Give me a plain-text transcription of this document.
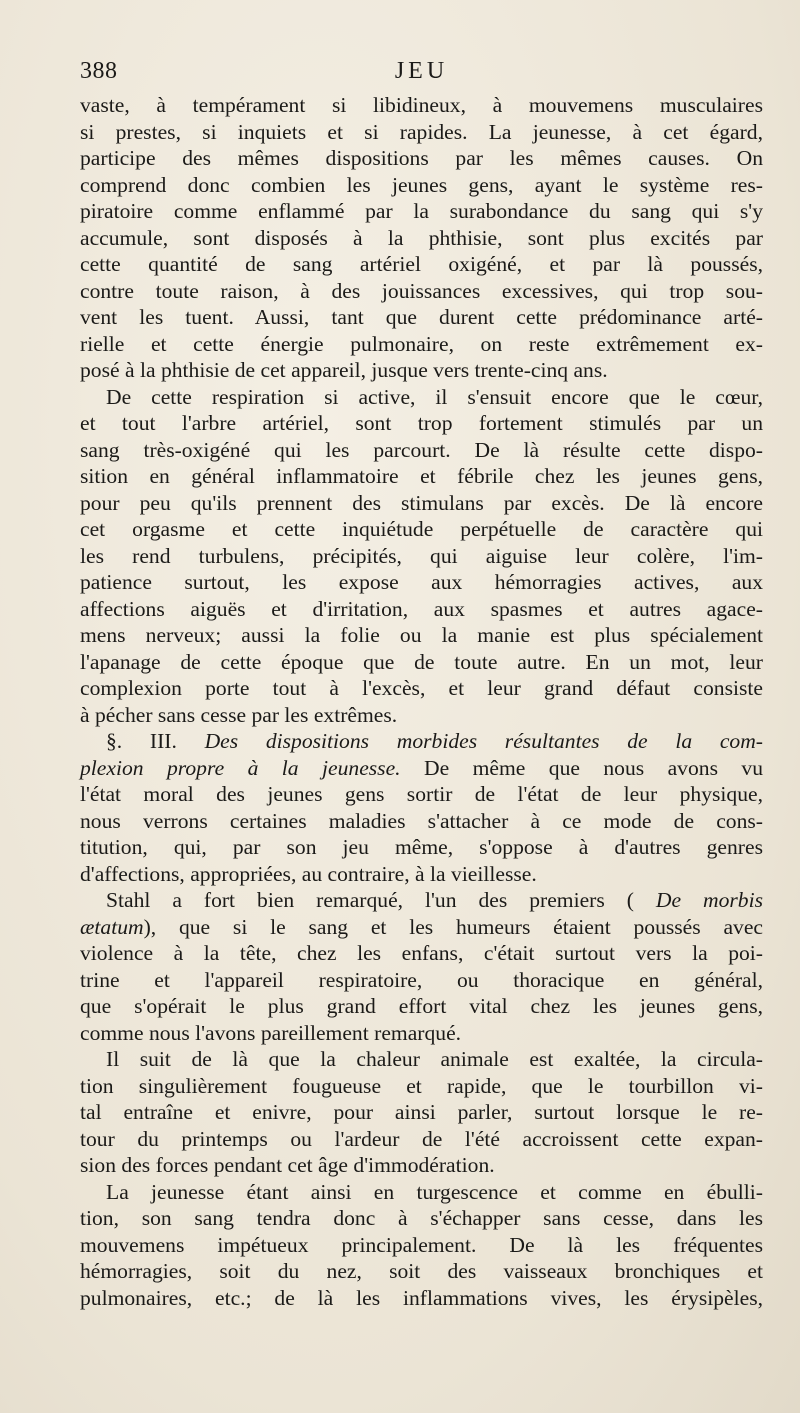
388	JEU
vaste, à tempérament si libidineux, à mouvemens musculaires
si prestes, si inquiets et si rapides. La jeunesse, à cet égard,
participe des mêmes dispositions par les mêmes causes. On
comprend donc combien les jeunes gens, ayant le système res-
piratoire comme enflammé par la surabondance du sang qui s'y
accumule, sont disposés à la phthisie, sont plus excités par
cette quantité de sang artériel oxigéné, et par là poussés,
contre toute raison, à des jouissances excessives, qui trop sou-
vent les tuent. Aussi, tant que durent cette prédominance arté-
rielle et cette énergie pulmonaire, on reste extrêmement ex-
posé à la phthisie de cet appareil, jusque vers trente-cinq ans.
De cette respiration si active, il s'ensuit encore que le cœur,
et tout l'arbre artériel, sont trop fortement stimulés par un
sang très-oxigéné qui les parcourt. De là résulte cette dispo-
sition en général inflammatoire et fébrile chez les jeunes gens,
pour peu qu'ils prennent des stimulans par excès. De là encore
cet orgasme et cette inquiétude perpétuelle de caractère qui
les rend turbulens, précipités, qui aiguise leur colère, l'im-
patience surtout, les expose aux hémorragies actives, aux
affections aiguës et d'irritation, aux spasmes et autres agace-
mens nerveux; aussi la folie ou la manie est plus spécialement
l'apanage de cette époque que de toute autre. En un mot, leur
complexion porte tout à l'excès, et leur grand défaut consiste
à pécher sans cesse par les extrêmes.
§. III. Des dispositions morbides résultantes de la com-
plexion propre à la jeunesse. De même que nous avons vu
l'état moral des jeunes gens sortir de l'état de leur physique,
nous verrons certaines maladies s'attacher à ce mode de cons-
titution, qui, par son jeu même, s'oppose à d'autres genres
d'affections, appropriées, au contraire, à la vieillesse.
Stahl a fort bien remarqué, l'un des premiers ( De morbis
ætatum), que si le sang et les humeurs étaient poussés avec
violence à la tête, chez les enfans, c'était surtout vers la poi-
trine et l'appareil respiratoire, ou thoracique en général,
que s'opérait le plus grand effort vital chez les jeunes gens,
comme nous l'avons pareillement remarqué.
Il suit de là que la chaleur animale est exaltée, la circula-
tion singulièrement fougueuse et rapide, que le tourbillon vi-
tal entraîne et enivre, pour ainsi parler, surtout lorsque le re-
tour du printemps ou l'ardeur de l'été accroissent cette expan-
sion des forces pendant cet âge d'immodération.
La jeunesse étant ainsi en turgescence et comme en ébulli-
tion, son sang tendra donc à s'échapper sans cesse, dans les
mouvemens impétueux principalement. De là les fréquentes
hémorragies, soit du nez, soit des vaisseaux bronchiques et
pulmonaires, etc.; de là les inflammations vives, les érysipèles,
